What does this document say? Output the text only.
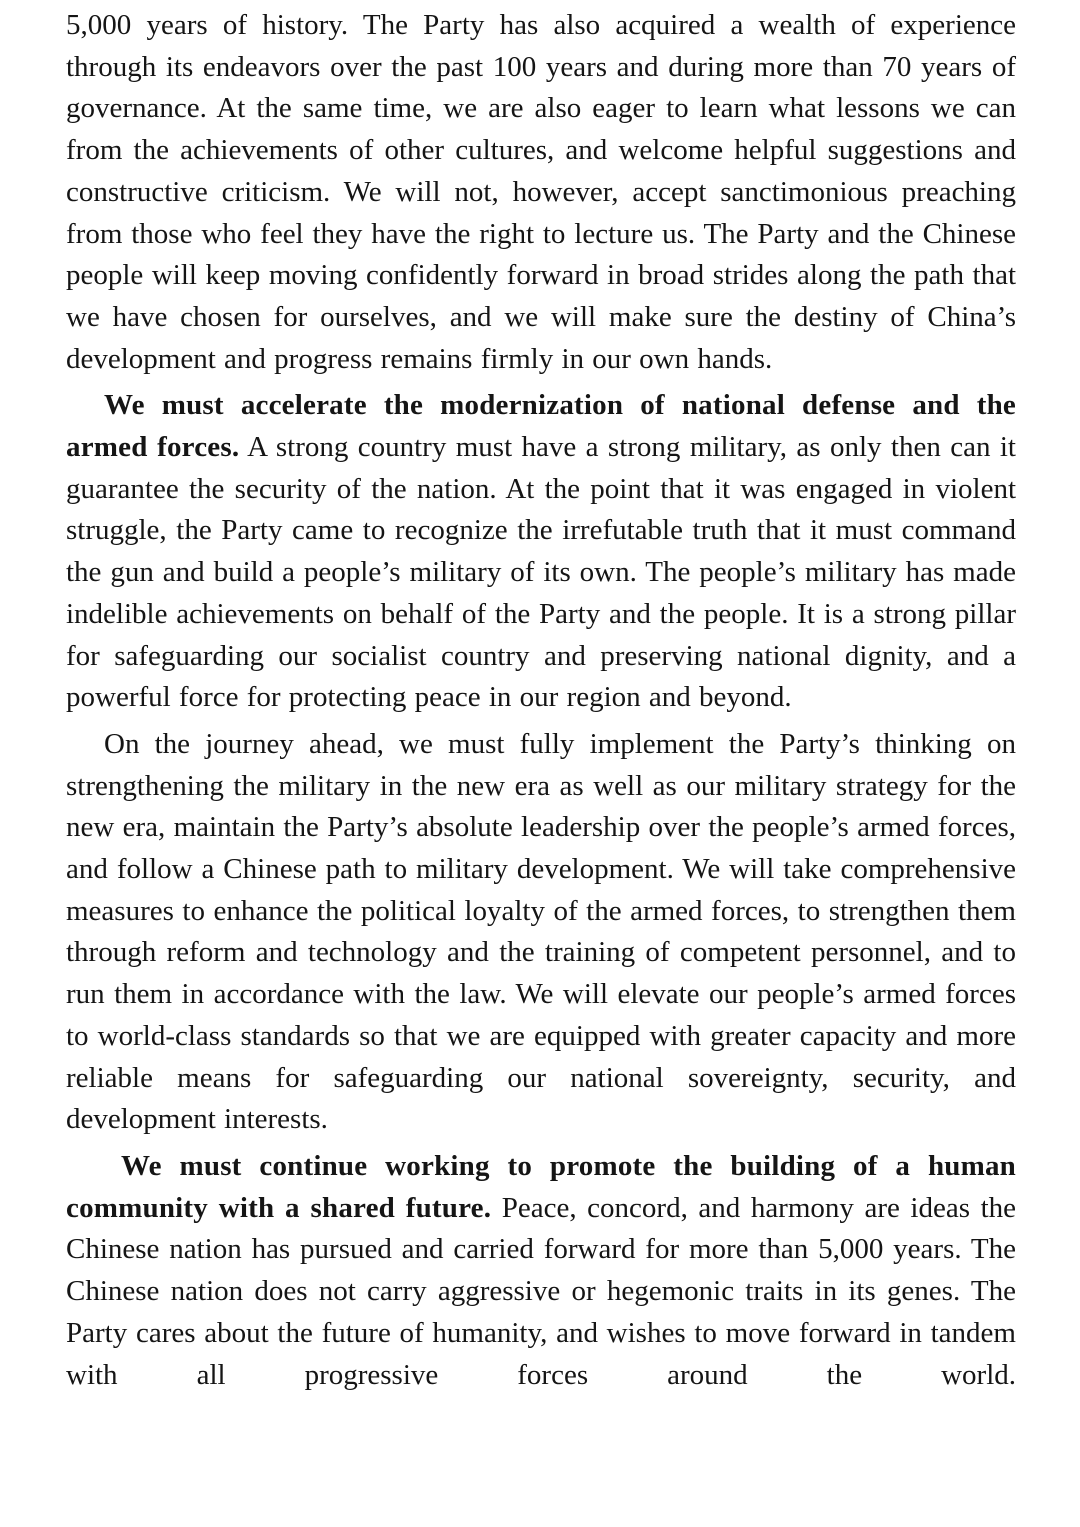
5,000 years of history. The Party has also acquired a wealth of experience through its endeavors over the past 100 years and during more than 70 years of governance. At the same time, we are also eager to learn what lessons we can from the achievements of other cultures, and welcome helpful suggestions and constructive criticism. We will not, however, accept sanctimonious preaching from those who feel they have the right to lecture us. The Party and the Chinese people will keep moving confidently forward in broad strides along the path that we have chosen for ourselves, and we will make sure the destiny of China’s development and progress remains firmly in our own hands.

We must accelerate the modernization of national defense and the armed forces. A strong country must have a strong military, as only then can it guarantee the security of the nation. At the point that it was engaged in violent struggle, the Party came to recognize the irrefutable truth that it must command the gun and build a people’s military of its own. The people’s military has made indelible achievements on behalf of the Party and the people. It is a strong pillar for safeguarding our socialist country and preserving national dignity, and a powerful force for protecting peace in our region and beyond.

On the journey ahead, we must fully implement the Party’s thinking on strengthening the military in the new era as well as our military strategy for the new era, maintain the Party’s absolute leadership over the people’s armed forces, and follow a Chinese path to military development. We will take comprehensive measures to enhance the political loyalty of the armed forces, to strengthen them through reform and technology and the training of competent personnel, and to run them in accordance with the law. We will elevate our people’s armed forces to world-class standards so that we are equipped with greater capacity and more reliable means for safeguarding our national sovereignty, security, and development interests.

We must continue working to promote the building of a human community with a shared future. Peace, concord, and harmony are ideas the Chinese nation has pursued and carried forward for more than 5,000 years. The Chinese nation does not carry aggressive or hegemonic traits in its genes. The Party cares about the future of humanity, and wishes to move forward in tandem with all progressive forces around the world.
